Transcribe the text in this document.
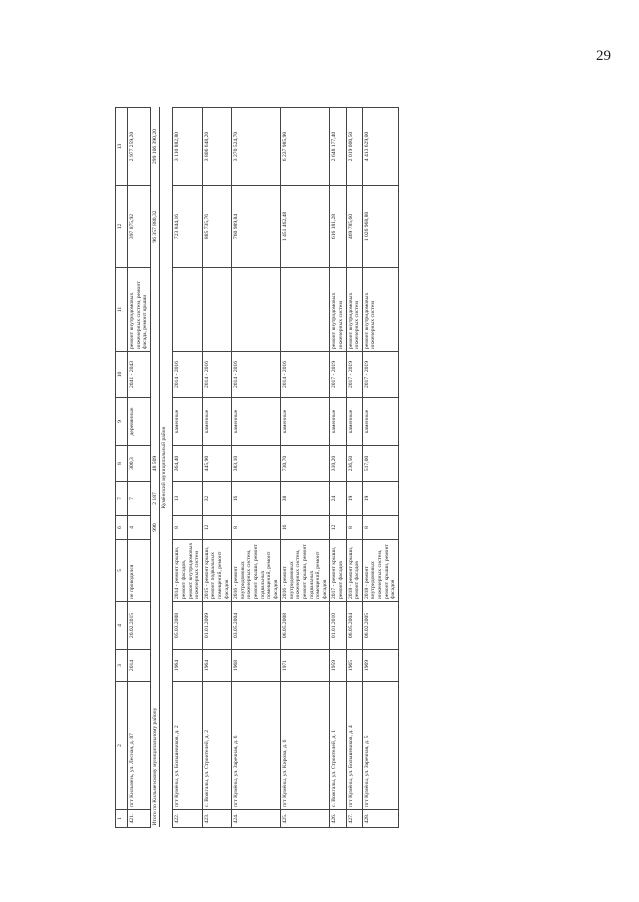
29
1	2	3	4	5	6	7	8	9	10	11	12	13
421.	пгт Кильмезь, ул. Лесная, д. 87	2014	20.02.2015	не проводился	4	7	300,3	деревянные	2041 - 2043	ремонт внутридомовых инженерных систем, ремонт фасада, ремонт крыши	397 875,92	2 977 259,20
Итого по Кильмезскому муниципальному району					990	2 187	48 509				96 357 880,32	299 106 390,20
Кумёнский муниципальный район												
422.	пгт Кумёны, ул. Большевиков, д. 2	1964	05.03.2008	2014 - ремонт крыши, ремонт фасадов, ремонт внутридомовых инженерных систем	8	13	364,40	каменные	2014 - 2016		723 844,16	3 110 882,80
423.	с. Вожгалы, ул. Строителей, д. 2	1964	01.01.2009	2015 - ремонт крыши, ремонт подвальных помещений, ремонт фасадов	12	32	445,90	каменные	2014 - 2016		885 735,76	3 806 648,20
424.	пгт Кумёны, ул. Заречная, д. 6	1968	03.05.2004	2016 - ремонт внутридомовых инженерных систем, ремонт крыши, ремонт подвальных помещений, ремонт фасадов	8	16	383,10	каменные	2014 - 2016		760 989,84	3 270 524,70
425.	пгт Кумёны, ул. Кирова, д. 6	1971	06.05.2008	2016 - ремонт внутридомовых инженерных систем, ремонт крыши, ремонт подвальных помещений, ремонт фасадов	16	38	730,70	каменные	2014 - 2016		1 451 462,48	6 237 985,90
426.	с. Вожгалы, ул. Строителей, д. 1	1959	01.01.2010	2017 - ремонт крыши, ремонт фасадов	12	24	310,20	каменные	2017 - 2019	ремонт внутридомовых инженерных систем	616 181,28	2 648 177,40
427.	пгт Кумёны, ул. Большевиков, д. 4	1965	06.05.2004	2018 - ремонт крыши, ремонт фасадов	8	19	236,50	каменные	2017 - 2019	ремонт внутридомовых инженерных систем	469 785,60	2 019 000,50
428.	пгт Кумёны, ул. Заречная, д. 5	1969	06.02.2005	2018 - ремонт внутридомовых инженерных систем, ремонт крыши, ремонт фасадов	8	19	517,00	каменные	2017 - 2019	ремонт внутридомовых инженерных систем	1 026 968,80	4 413 629,00
